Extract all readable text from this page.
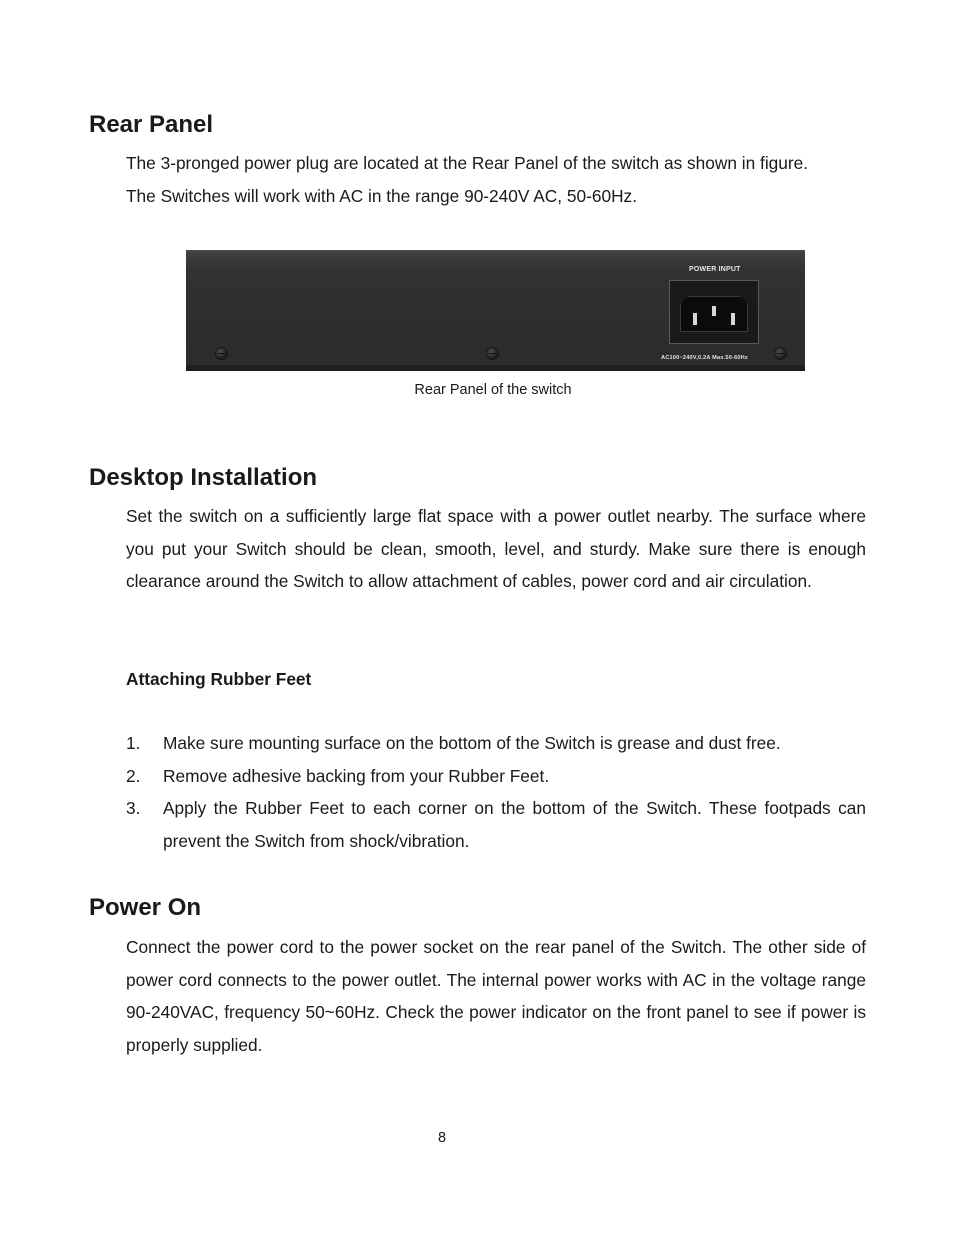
Rear Panel
The 3-pronged power plug are located at the Rear Panel of the switch as shown in figure.
The Switches will work with AC in the range 90-240V AC, 50-60Hz.
POWER INPUT
AC100~240V,0.2A Max.50-60Hz
Rear Panel of the switch
Desktop Installation

Set the switch on a sufficiently large flat space with a power outlet nearby. The surface where you put your Switch should be clean, smooth, level, and sturdy. Make sure there is enough clearance around the Switch to allow attachment of cables, power cord and air circulation.

Attaching Rubber Feet
1. Make sure mounting surface on the bottom of the Switch is grease and dust free.
2. Remove adhesive backing from your Rubber Feet.
3. Apply the Rubber Feet to each corner on the bottom of the Switch. These footpads can prevent the Switch from shock/vibration.
Power On

Connect the power cord to the power socket on the rear panel of the Switch. The other side of power cord connects to the power outlet. The internal power works with AC in the voltage range 90-240VAC, frequency 50~60Hz. Check the power indicator on the front panel to see if power is properly supplied.

8
